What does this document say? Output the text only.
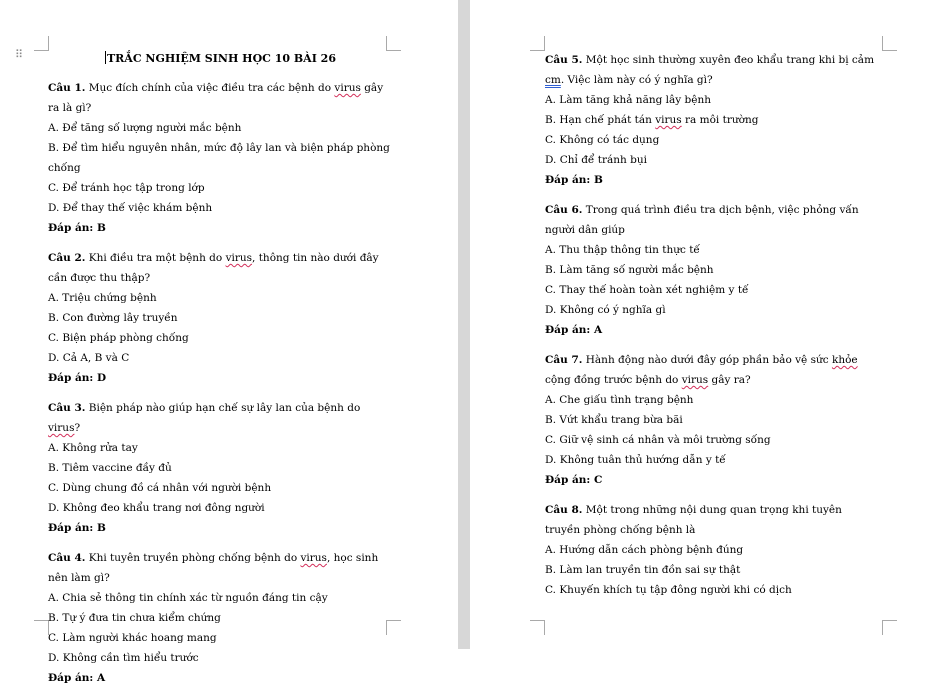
⠿	TRẮC NGHIỆM SINH HỌC 10 BÀI 26

Câu 1. Mục đích chính của việc điều tra các bệnh do virus gây ra là gì?

A. Để tăng số lượng người mắc bệnh

B. Để tìm hiểu nguyên nhân, mức độ lây lan và biện pháp phòng chống

C. Để tránh học tập trong lớp

D. Để thay thế việc khám bệnh

Đáp án: B

Câu 2. Khi điều tra một bệnh do virus, thông tin nào dưới đây cần được thu thập?

A. Triệu chứng bệnh

B. Con đường lây truyền

C. Biện pháp phòng chống

D. Cả A, B và C

Đáp án: D

Câu 3. Biện pháp nào giúp hạn chế sự lây lan của bệnh do virus?

A. Không rửa tay

B. Tiêm vaccine đầy đủ

C. Dùng chung đồ cá nhân với người bệnh

D. Không đeo khẩu trang nơi đông người

Đáp án: B

Câu 4. Khi tuyên truyền phòng chống bệnh do virus, học sinh nên làm gì?

A. Chia sẻ thông tin chính xác từ nguồn đáng tin cậy

B. Tự ý đưa tin chưa kiểm chứng

C. Làm người khác hoang mang

D. Không cần tìm hiểu trước

Đáp án: A

Câu 5. Một học sinh thường xuyên đeo khẩu trang khi bị cảm cm. Việc làm này có ý nghĩa gì?

A. Làm tăng khả năng lây bệnh

B. Hạn chế phát tán virus ra môi trường

C. Không có tác dụng

D. Chỉ để tránh bụi

Đáp án: B

Câu 6. Trong quá trình điều tra dịch bệnh, việc phỏng vấn người dân giúp

A. Thu thập thông tin thực tế

B. Làm tăng số người mắc bệnh

C. Thay thế hoàn toàn xét nghiệm y tế

D. Không có ý nghĩa gì

Đáp án: A

Câu 7. Hành động nào dưới đây góp phần bảo vệ sức khỏe cộng đồng trước bệnh do virus gây ra?

A. Che giấu tình trạng bệnh

B. Vứt khẩu trang bừa bãi

C. Giữ vệ sinh cá nhân và môi trường sống

D. Không tuân thủ hướng dẫn y tế

Đáp án: C

Câu 8. Một trong những nội dung quan trọng khi tuyên truyền phòng chống bệnh là

A. Hướng dẫn cách phòng bệnh đúng

B. Làm lan truyền tin đồn sai sự thật

C. Khuyến khích tụ tập đông người khi có dịch
